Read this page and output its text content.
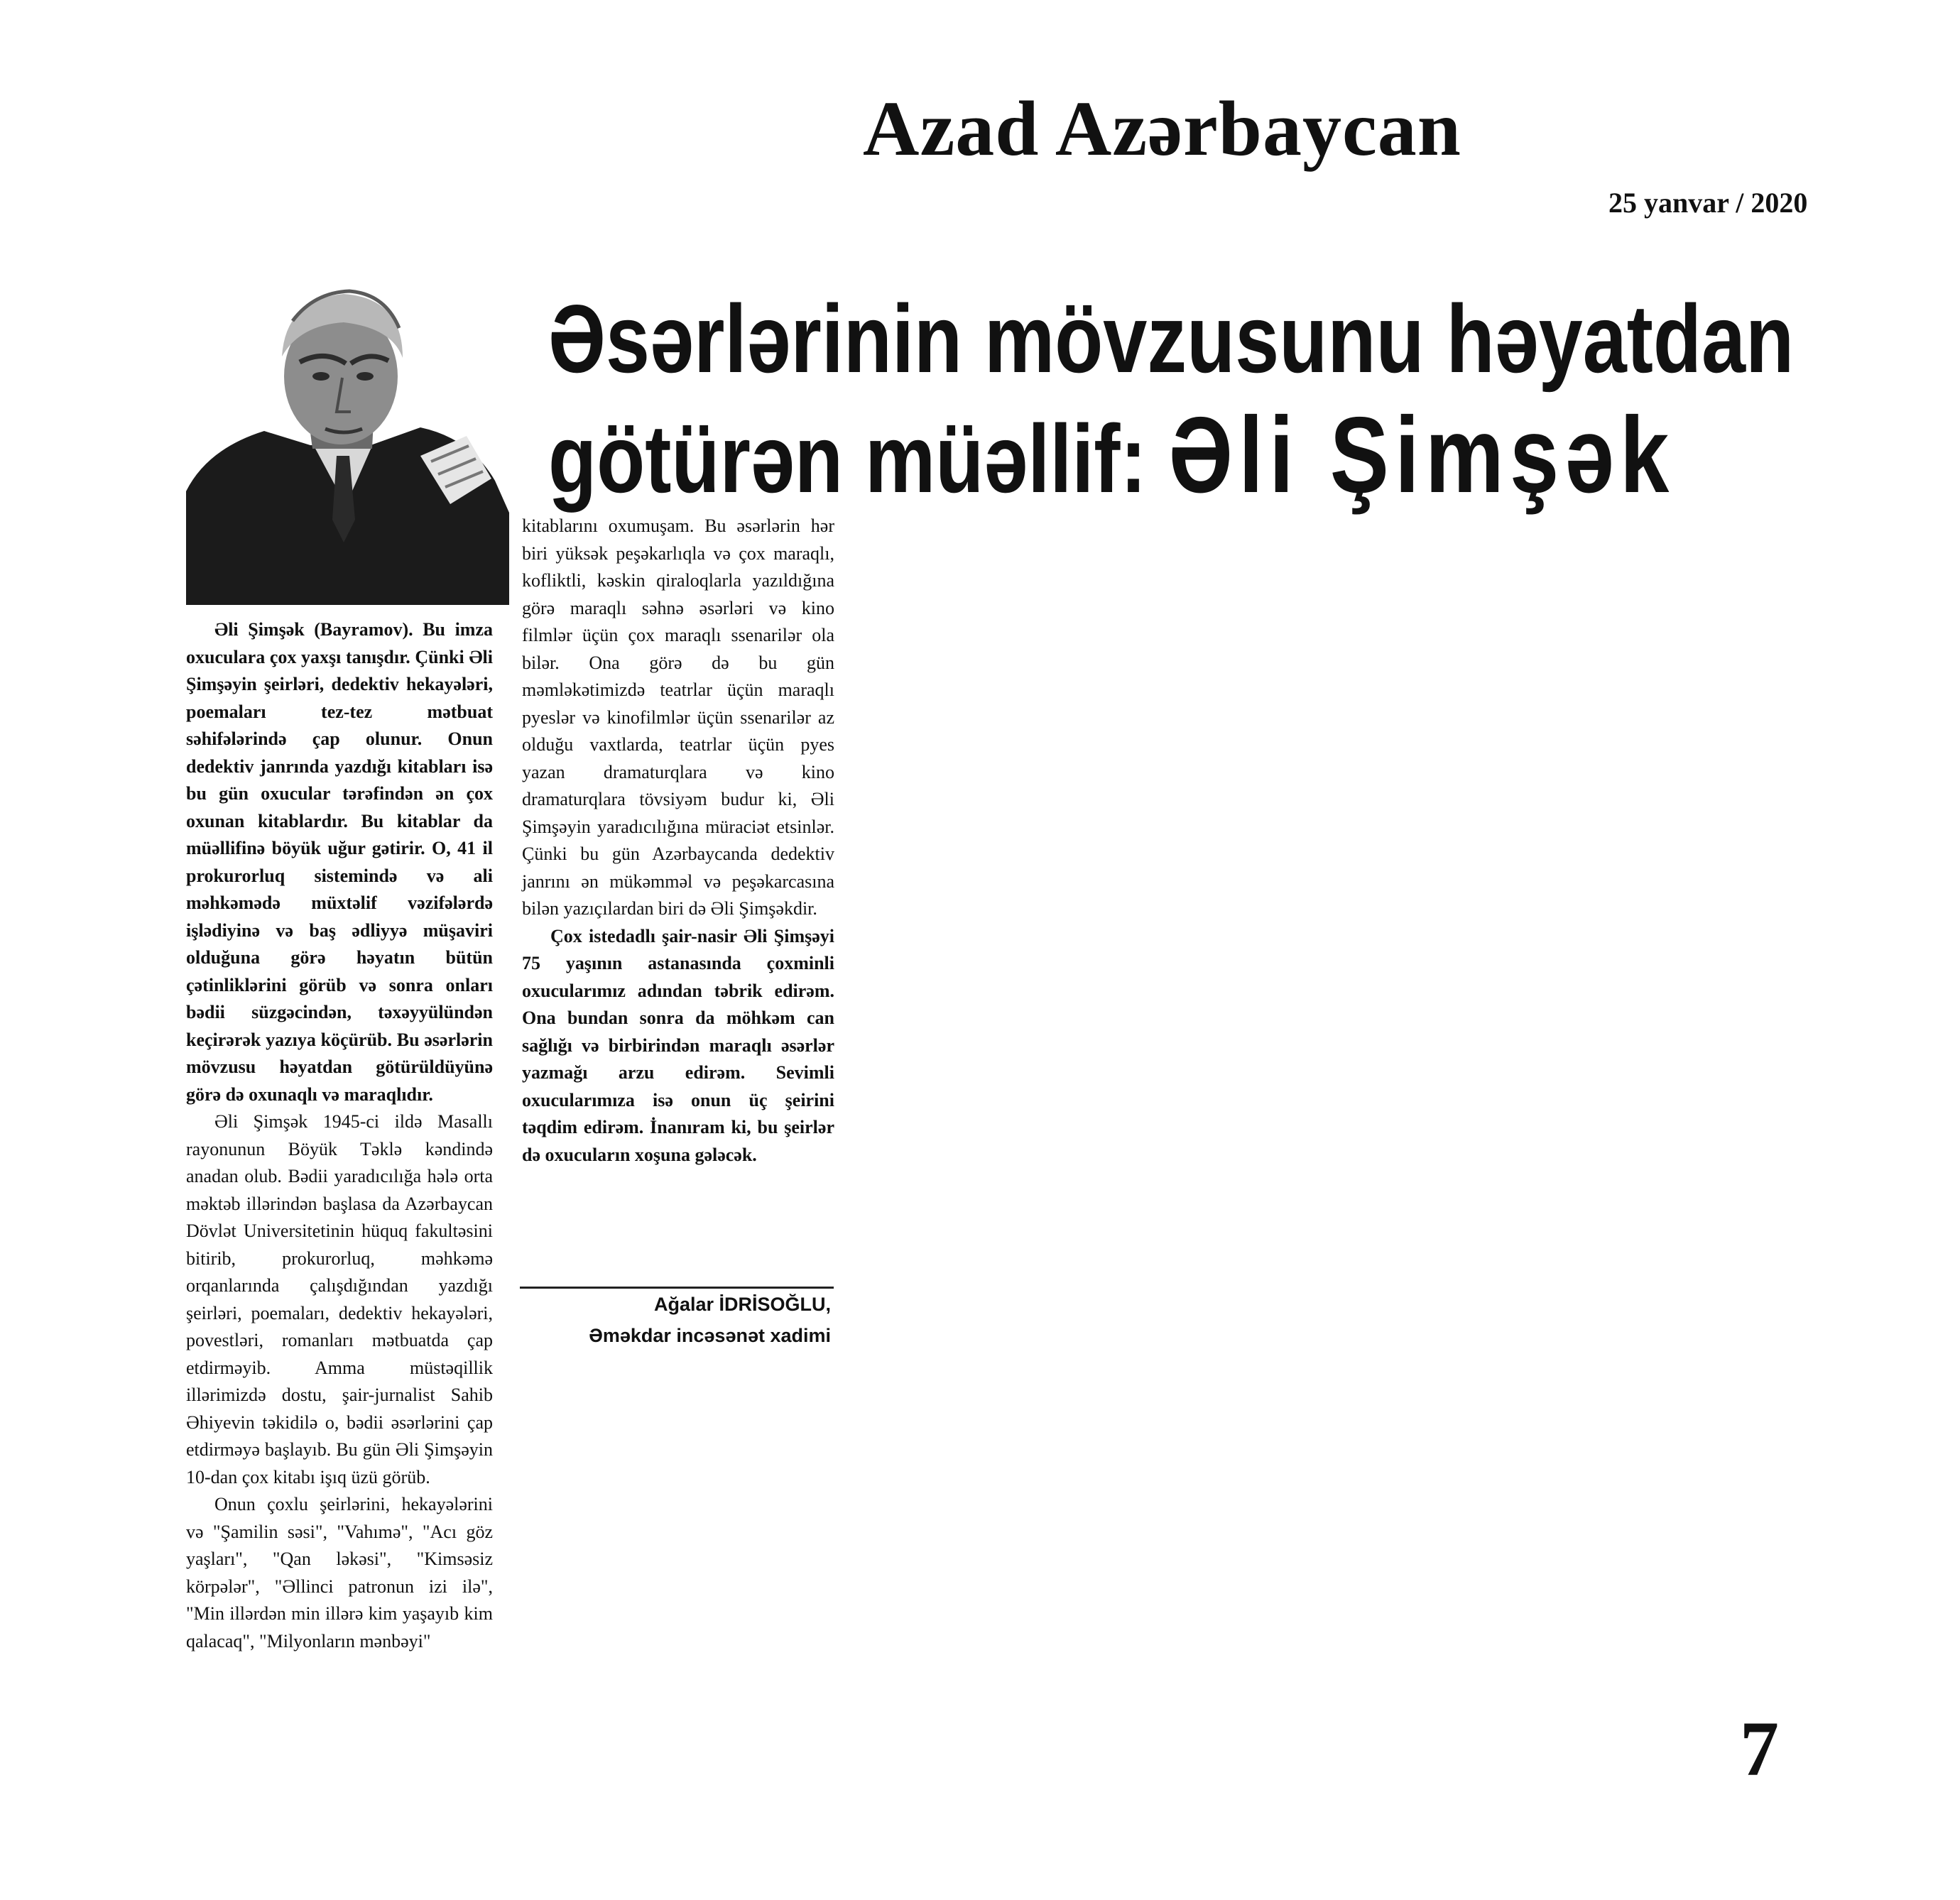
Azad Azərbaycan
25 yanvar / 2020
Əsərlərinin mövzusunu həyatdan
götürən müəllif: Əli Şimşək

Əli Şimşək (Bayramov). Bu imza oxuculara çox yaxşı tanışdır. Çünki Əli Şimşəyin şeirləri, dedektiv hekayələri, poemaları tez-tez mətbuat səhifələrində çap olunur. Onun dedektiv janrında yazdığı kitabları isə bu gün oxucular tərəfindən ən çox oxunan kitablardır. Bu kitablar da müəllifinə böyük uğur gətirir. O, 41 il prokurorluq sistemində və ali məhkəmədə müxtəlif vəzifələrdə işlədiyinə və baş ədliyyə müşaviri olduğuna görə həyatın bütün çətinliklərini görüb və sonra onları bədii süzgəcindən, təxəyyülündən keçirərək yazıya köçürüb. Bu əsərlərin mövzusu həyatdan götürüldüyünə görə də oxunaqlı və maraqlıdır.

Əli Şimşək 1945-ci ildə Masallı rayonunun Böyük Təklə kəndində anadan olub. Bədii yaradıcılığa hələ orta məktəb illərindən başlasa da Azərbaycan Dövlət Universitetinin hüquq fakultəsini bitirib, prokurorluq, məhkəmə orqanlarında çalışdığından yazdığı şeirləri, poemaları, dedektiv hekayələri, povestləri, romanları mətbuatda çap etdirməyib. Amma müstəqillik illərimizdə dostu, şair-jurnalist Sahib Əhiyevin təkidilə o, bədii əsərlərini çap etdirməyə başlayıb. Bu gün Əli Şimşəyin 10-dan çox kitabı işıq üzü görüb.

Onun çoxlu şeirlərini, hekayələrini və "Şamilin səsi", "Vahımə", "Acı göz yaşları", "Qan ləkəsi", "Kimsəsiz körpələr", "Əllinci patronun izi ilə", "Min illərdən min illərə kim yaşayıb kim qalacaq", "Milyonların mənbəyi"

kitablarını oxumuşam. Bu əsərlərin hər biri yüksək peşəkarlıqla və çox maraqlı, kofliktli, kəskin qiraloqlarla yazıldığına görə maraqlı səhnə əsərləri və kino filmlər üçün çox maraqlı ssenarilər ola bilər. Ona görə də bu gün məmləkətimizdə teatrlar üçün maraqlı pyeslər və kinofilmlər üçün ssenarilər az olduğu vaxtlarda, teatrlar üçün pyes yazan dramaturqlara və kino dramaturqlara tövsiyəm budur ki, Əli Şimşəyin yaradıcılığına müraciət etsinlər. Çünki bu gün Azərbaycanda dedektiv janrını ən mükəmməl və peşəkarcasına bilən yazıçılardan biri də Əli Şimşəkdir.

Çox istedadlı şair-nasir Əli Şimşəyi 75 yaşının astanasında çoxminli oxucularımız adından təbrik edirəm. Ona bundan sonra da möhkəm can sağlığı və birbirindən maraqlı əsərlər yazmağı arzu edirəm. Sevimli oxucularımıza isə onun üç şeirini təqdim edirəm. İnanıram ki, bu şeirlər də oxucuların xoşuna gələcək.

Ağalar İDRİSOĞLU,
Əməkdar incəsənət xadimi
7
